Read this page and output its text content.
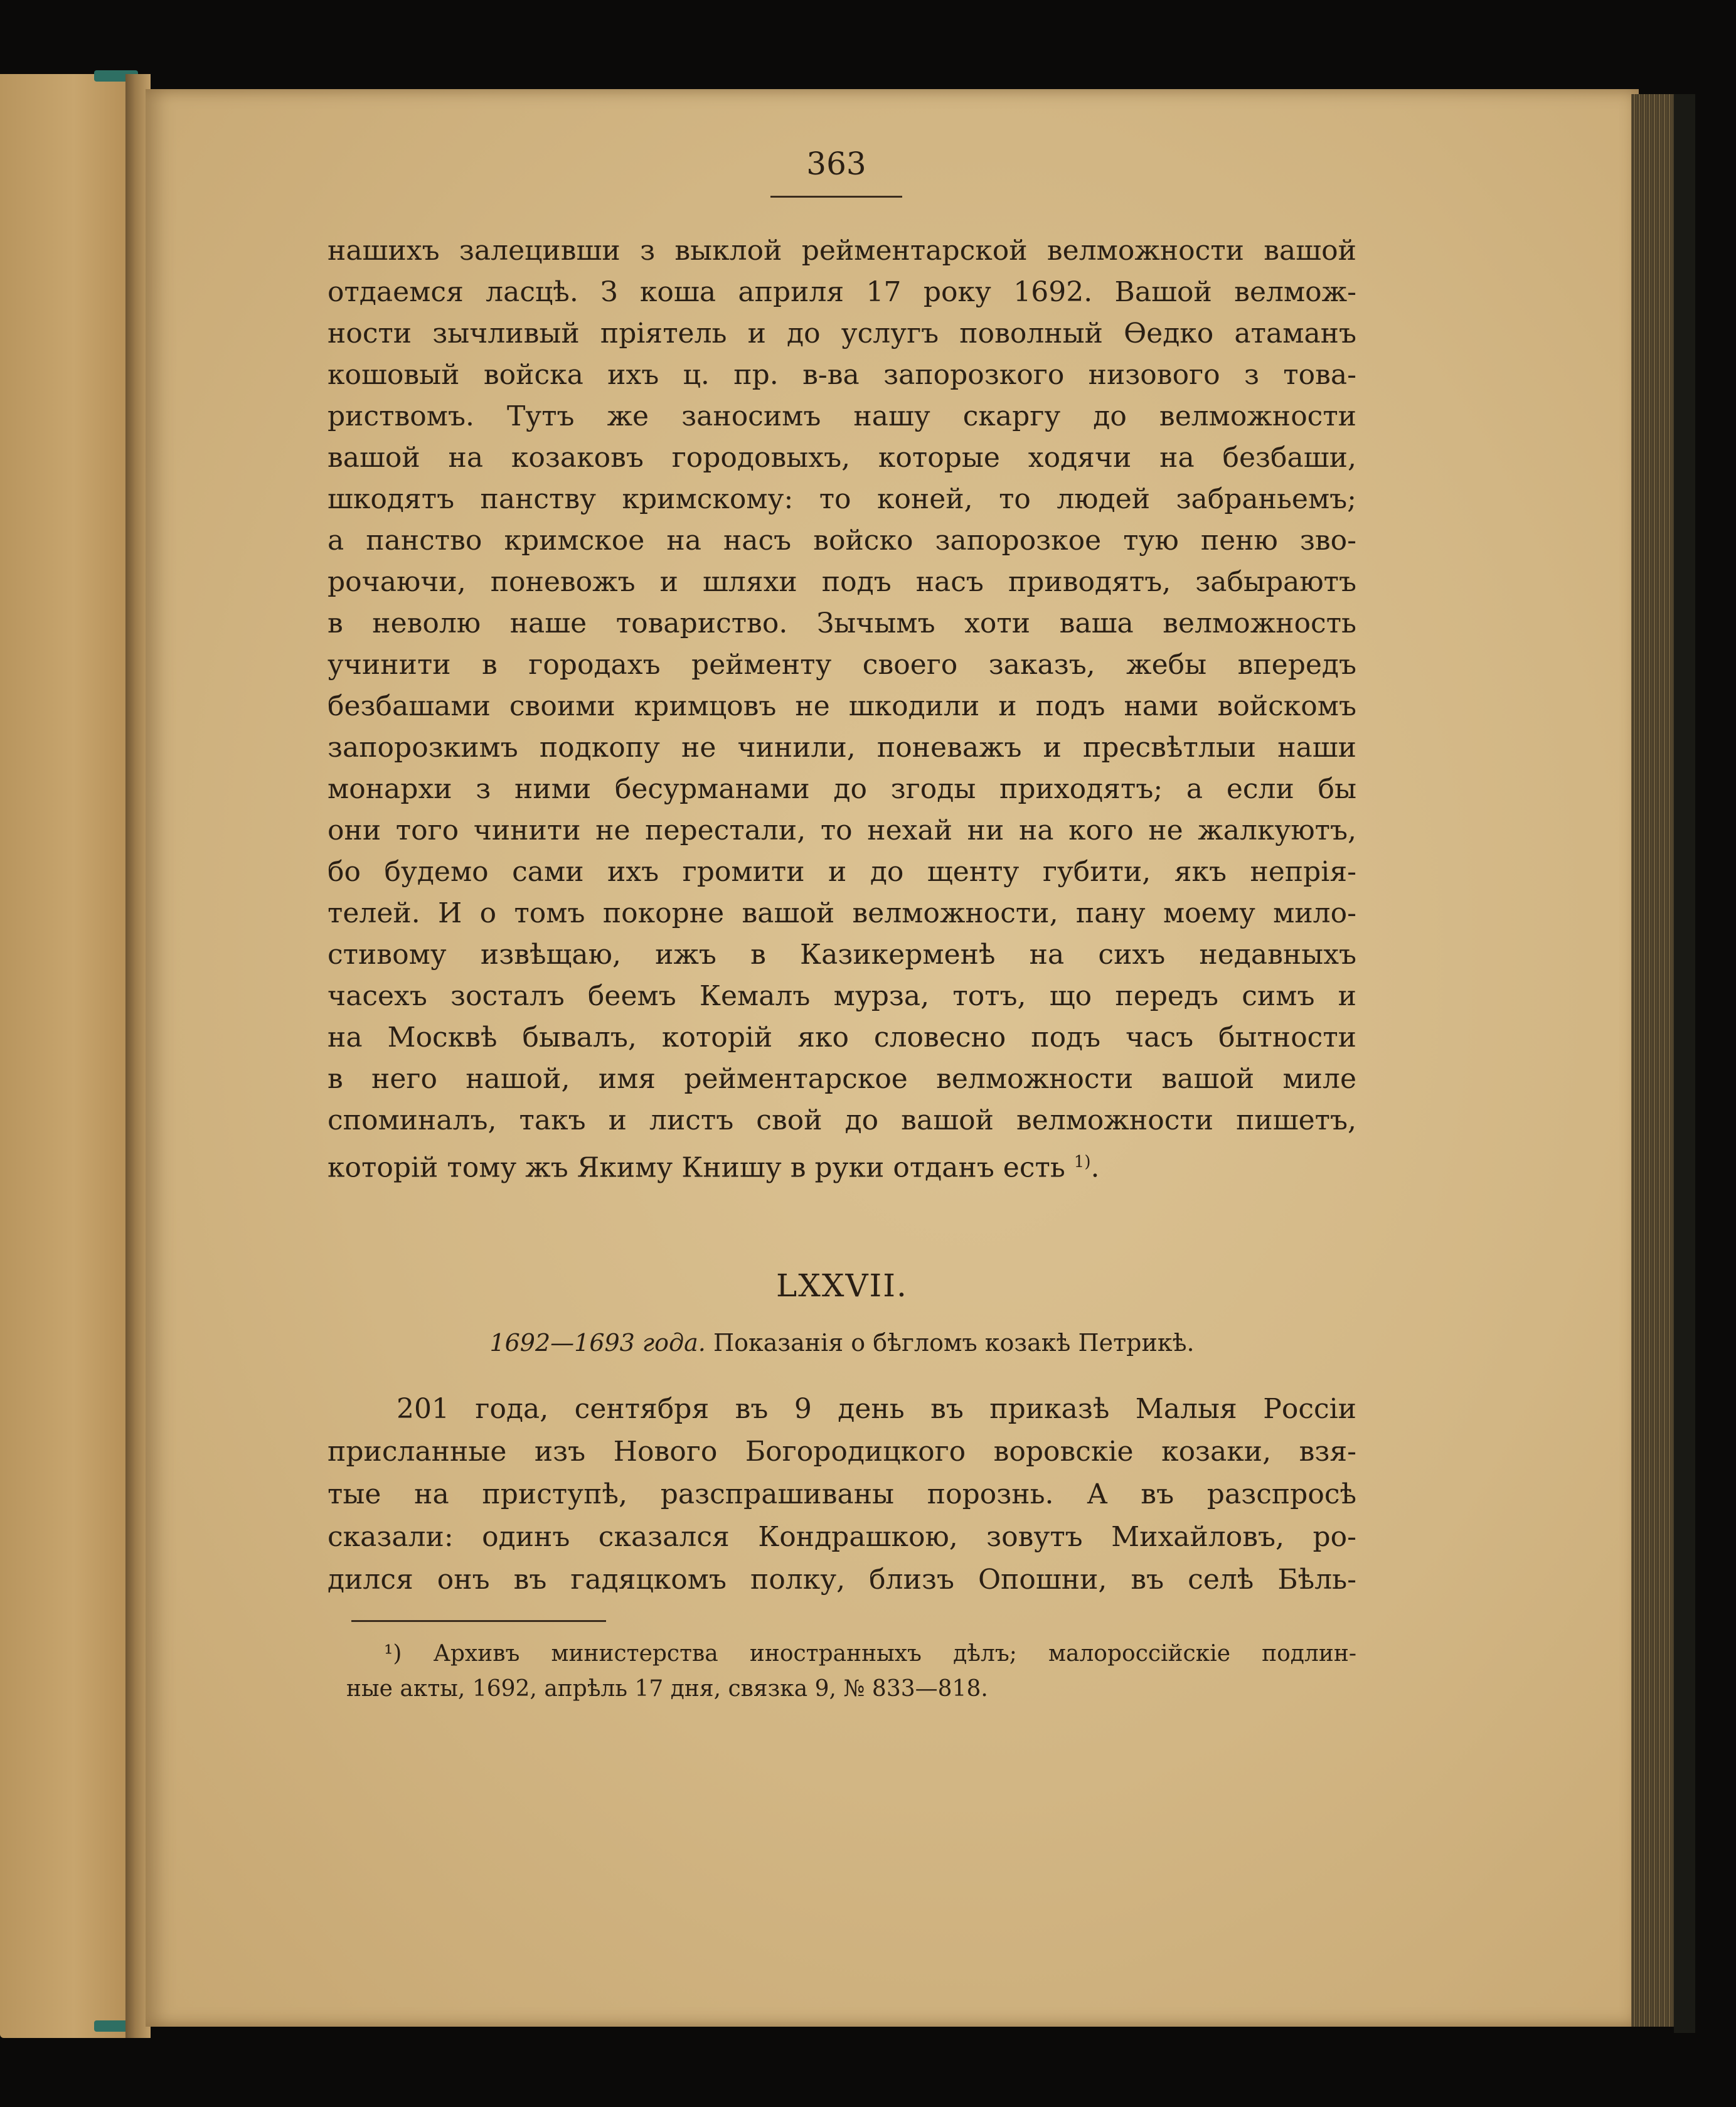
363
нашихъ залецивши з выклой рейментарской велможности вашой
отдаемся ласцѣ. З коша априля 17 року 1692. Вашой велмож-
ности зычливый пріятель и до услугъ поволный Өедко атаманъ
кошовый войска ихъ ц. пр. в-ва запорозкого низового з това-
риствомъ. Тутъ же заносимъ нашу скаргу до велможности
вашой на козаковъ городовыхъ, которые ходячи на безбаши,
шкодятъ панству кримскому: то коней, то людей забраньемъ;
а панство кримское на насъ войско запорозкое тую пеню зво-
рочаючи, поневожъ и шляхи подъ насъ приводятъ, забыраютъ
в неволю наше товариство. Зычымъ хоти ваша велможность
учинити в городахъ рейменту своего заказъ, жебы впередъ
безбашами своими кримцовъ не шкодили и подъ нами войскомъ
запорозкимъ подкопу не чинили, поневажъ и пресвѣтлыи наши
монархи з ними бесурманами до згоды приходятъ; а если бы
они того чинити не перестали, то нехай ни на кого не жалкуютъ,
бо будемо сами ихъ громити и до щенту губити, якъ непрія-
телей. И о томъ покорне вашой велможности, пану моему мило-
стивому извѣщаю, ижъ в Казикерменѣ на сихъ недавныхъ
часехъ зосталъ беемъ Кемалъ мурза, тотъ, що передъ симъ и
на Москвѣ бывалъ, которій яко словесно подъ часъ бытности
в него нашой, имя рейментарское велможности вашой миле
споминалъ, такъ и листъ свой до вашой велможности пишетъ,
которій тому жъ Якиму Книшу в руки отданъ есть $^{1)}$.
LXXVII.
1692—1693 года. Показанія о бѣгломъ козакѣ Петрикѣ.
201 года, сентября въ 9 день въ приказѣ Малыя Россіи
присланные изъ Нового Богородицкого воровскіе козаки, взя-
тые на приступѣ, разспрашиваны порознь. А въ разспросѣ
сказали: одинъ сказался Кондрашкою, зовутъ Михайловъ, ро-
дился онъ въ гадяцкомъ полку, близъ Опошни, въ селѣ Бѣль-
¹) Архивъ министерства иностранныхъ дѣлъ; малороссійскіе подлин-
ные акты, 1692, апрѣль 17 дня, связка 9, № 833—818.
